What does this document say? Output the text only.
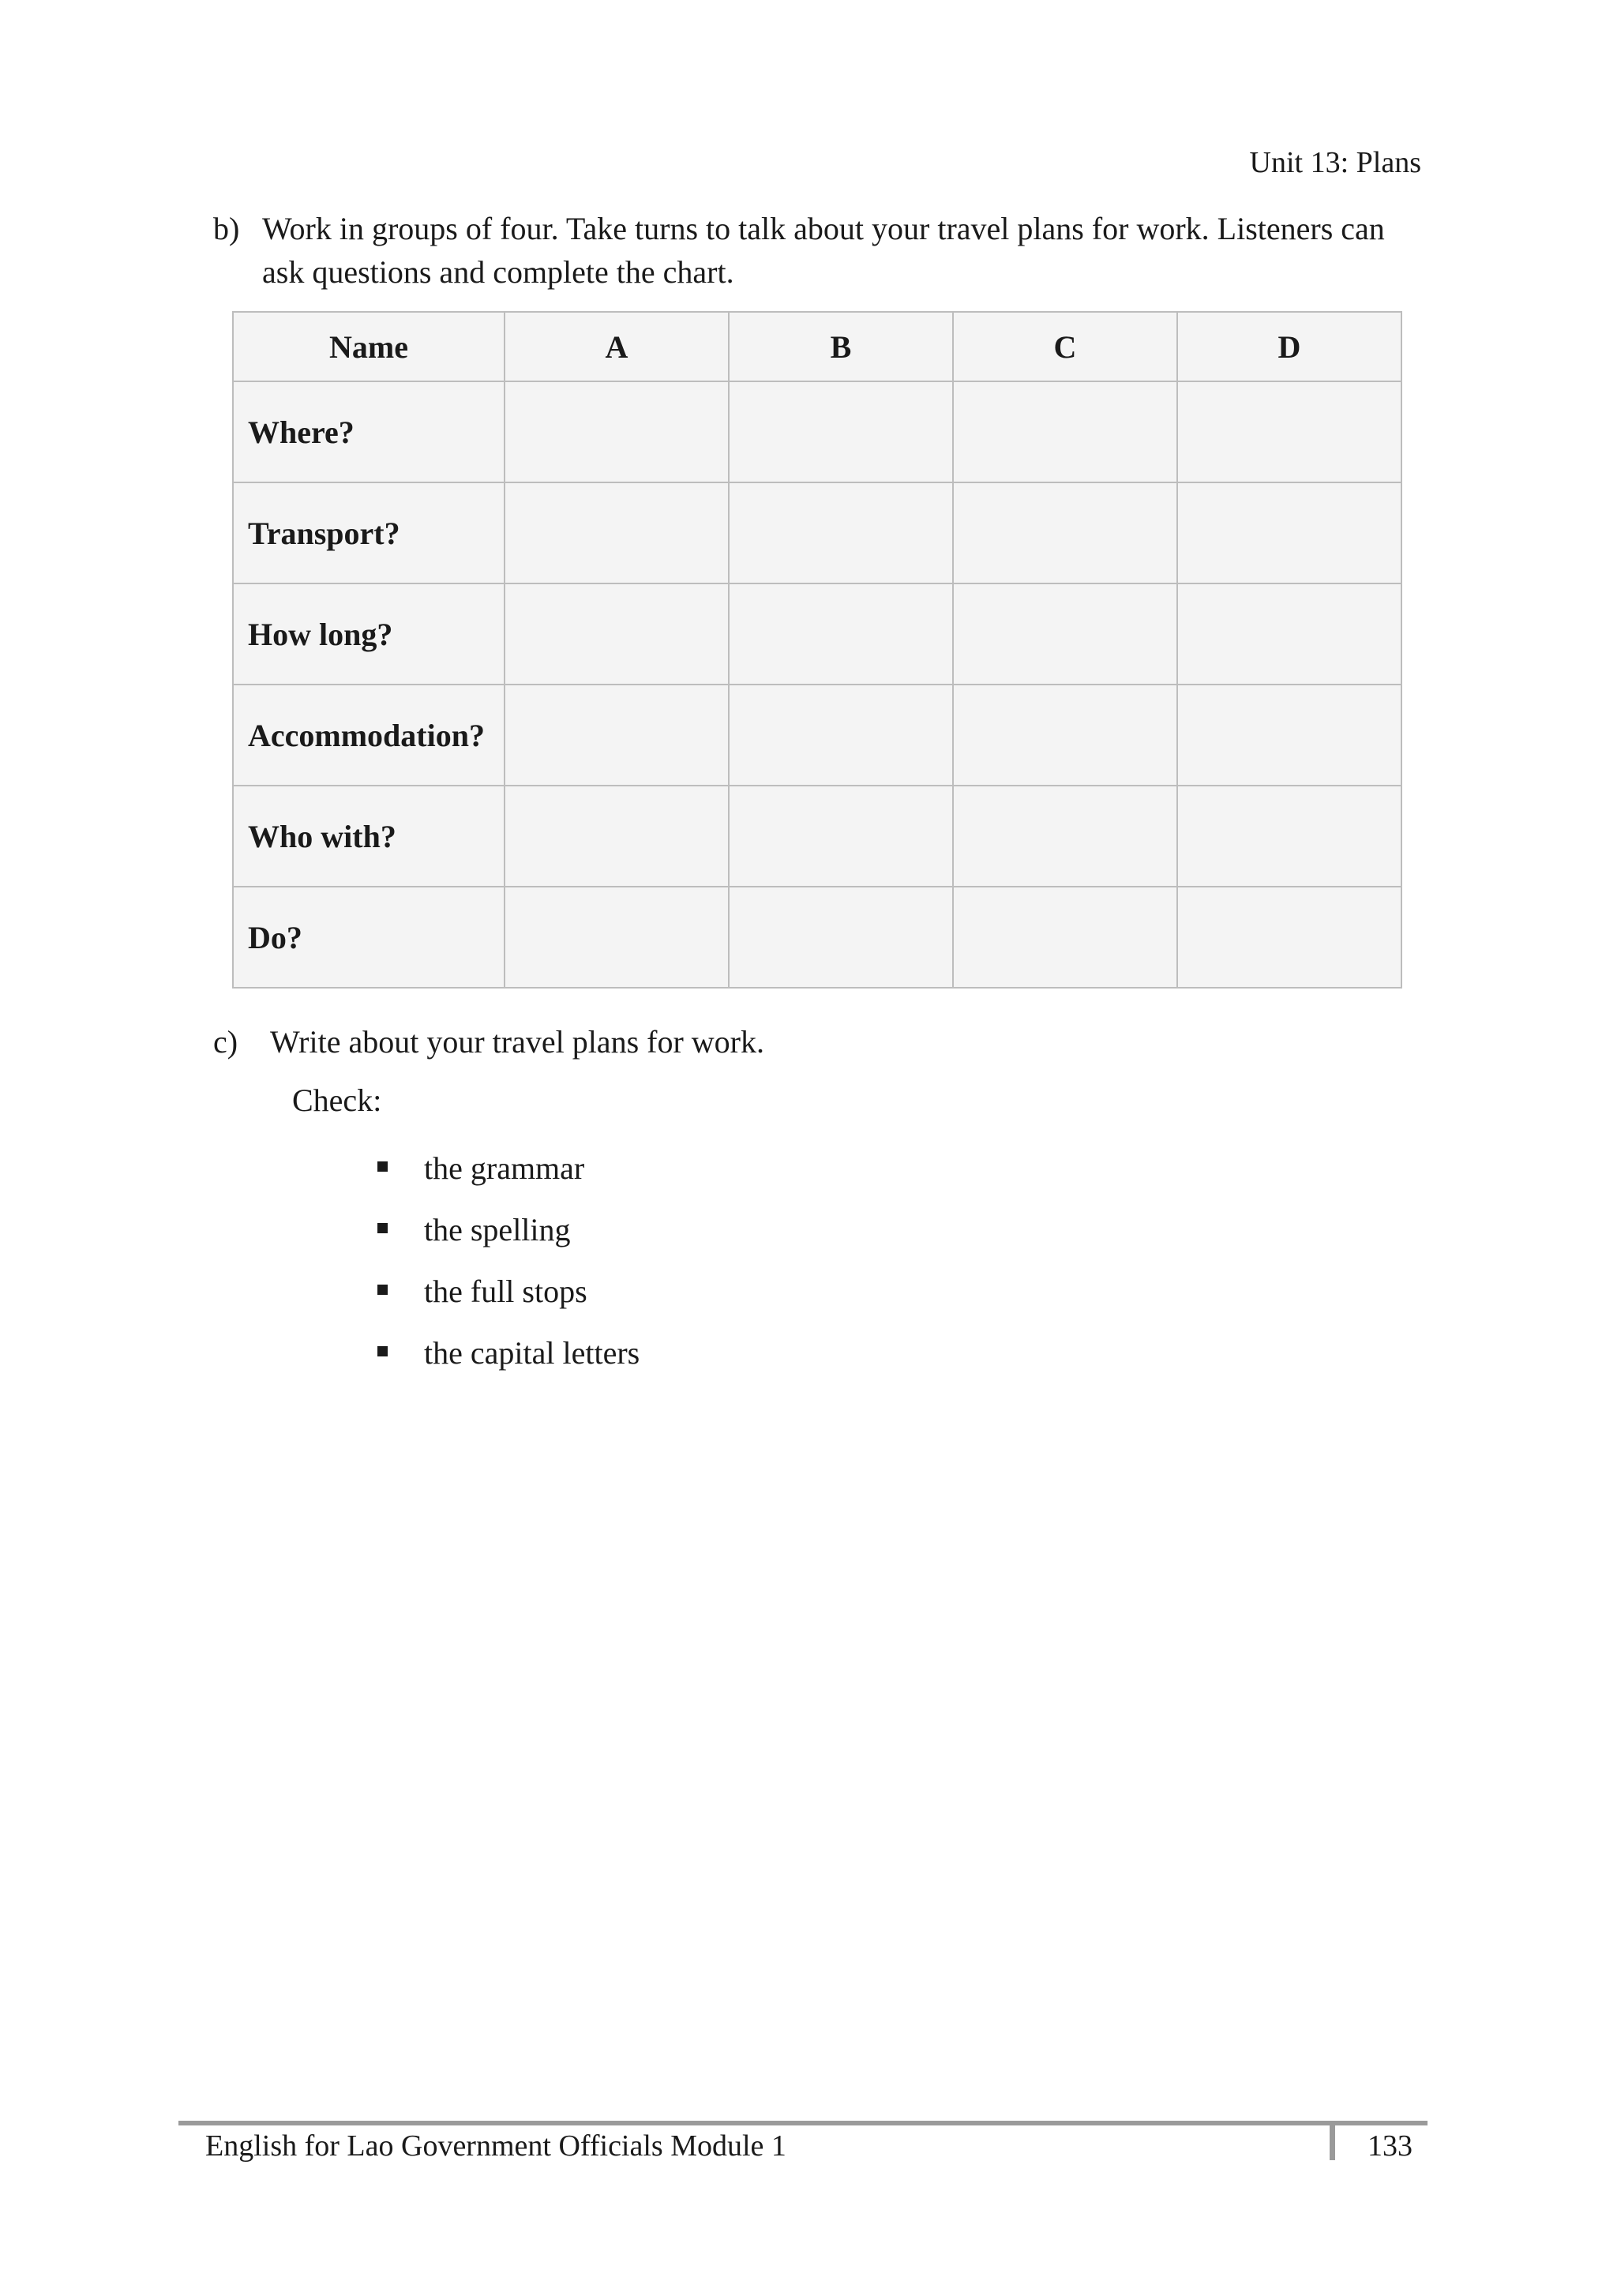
Unit 13: Plans
b) Work in groups of four. Take turns to talk about your travel plans for work. Listeners can ask questions and complete the chart.
Name	A	B	C	D
Where?				
Transport?				
How long?				
Accommodation?				
Who with?				
Do?				
c)	Write about your travel plans for work.
Check:
the grammar
the spelling
the full stops
the capital letters
English for Lao Government Officials Module 1	133
